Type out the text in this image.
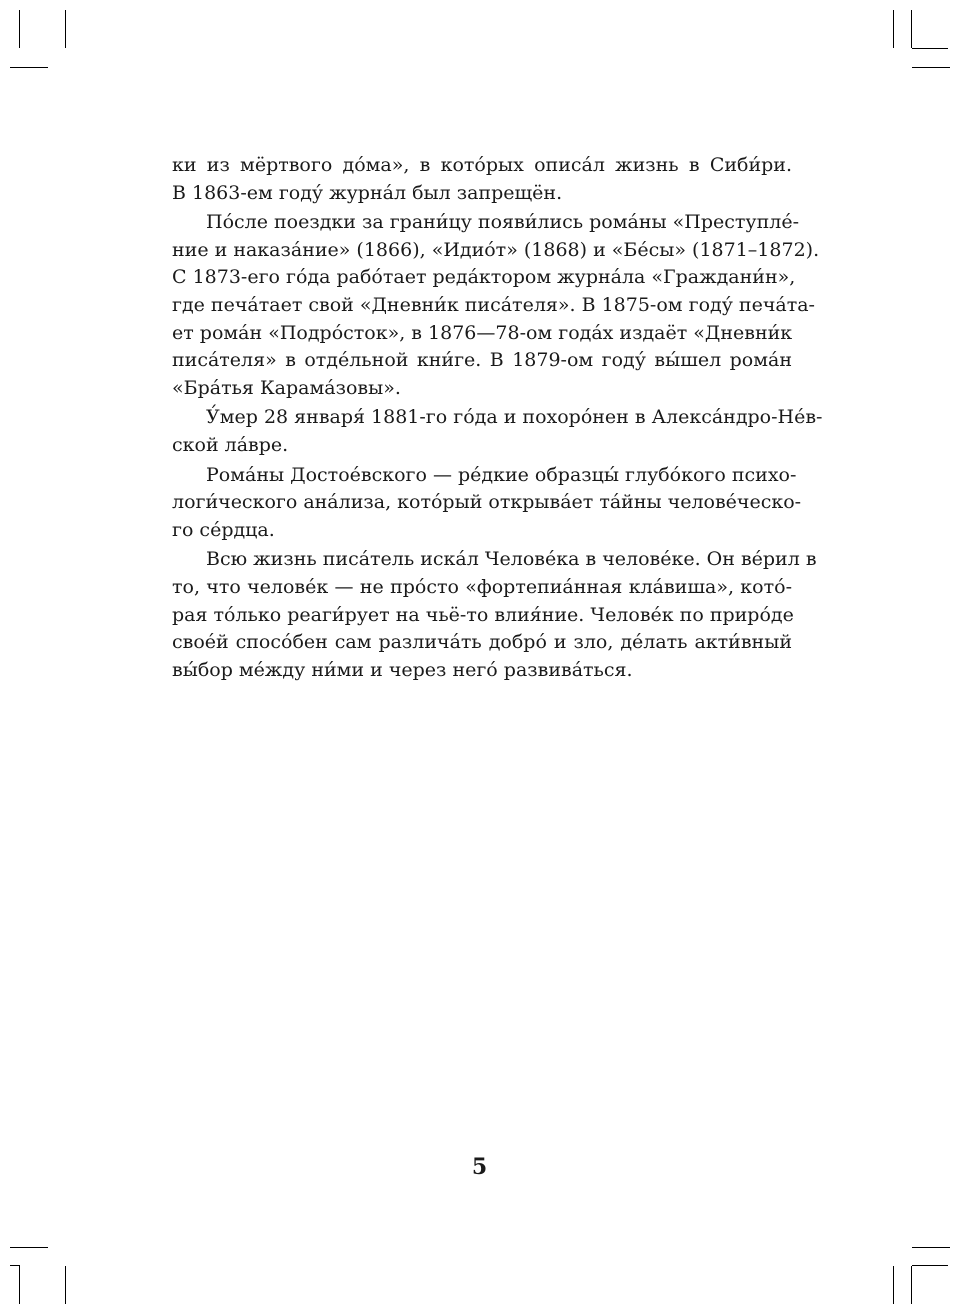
ки из мёртвого до́ма», в кото́рых описа́л жизнь в Сиби́ри.
В 1863-ем году́ журна́л был запрещён.
По́сле поездки за грани́цу появи́лись рома́ны «Преступле́-
ние и наказа́ние» (1866), «Идио́т» (1868) и «Бе́сы» (1871–1872).
С 1873-его го́да рабо́тает реда́ктором журна́ла «Граждани́н»,
где печа́тает свой «Дневни́к писа́теля». В 1875-ом году́ печа́та-
ет рома́н «Подро́сток», в 1876—78-ом года́х издаёт «Дневни́к
писа́теля» в отде́льной кни́ге. В 1879-ом году́ вы́шел рома́н
«Бра́тья Карама́зовы».
У́мер 28 января́ 1881-го го́да и похоро́нен в Алекса́ндро-Не́в-
ской ла́вре.
Рома́ны Достое́вского — ре́дкие образцы́ глубо́кого психо-
логи́ческого ана́лиза, кото́рый открыва́ет та́йны челове́ческо-
го се́рдца.
Всю жизнь писа́тель иска́л Челове́ка в челове́ке. Он ве́рил в
то, что челове́к — не про́сто «фортепиа́нная кла́виша», кото́-
рая то́лько реаги́рует на чьё-то влия́ние. Челове́к по приро́де
свое́й спосо́бен сам различа́ть добро́ и зло, де́лать акти́вный
вы́бор ме́жду ни́ми и через него́ развива́ться.
5
